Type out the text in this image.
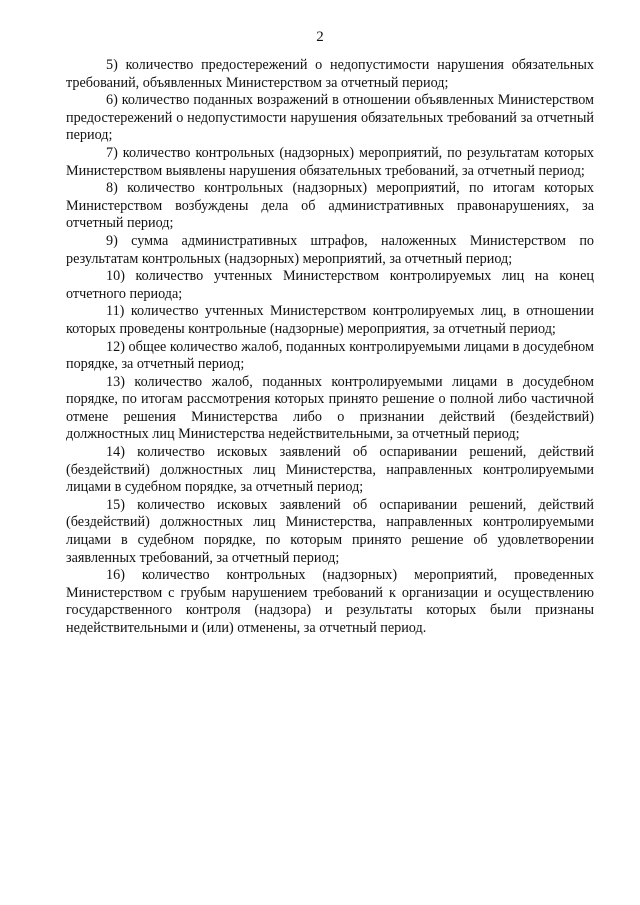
2

5) количество предостережений о недопустимости нарушения обязательных требований, объявленных Министерством за отчетный период;

6) количество поданных возражений в отношении объявленных Министерством предостережений о недопустимости нарушения обязательных требований за отчетный период;

7) количество контрольных (надзорных) мероприятий, по результатам которых Министерством выявлены нарушения обязательных требований, за отчетный период;

8) количество контрольных (надзорных) мероприятий, по итогам которых Министерством возбуждены дела об административных правонарушениях, за отчетный период;

9) сумма административных штрафов, наложенных Министерством по результатам контрольных (надзорных) мероприятий, за отчетный период;

10) количество учтенных Министерством контролируемых лиц на конец отчетного периода;

11) количество учтенных Министерством контролируемых лиц, в отношении которых проведены контрольные (надзорные) мероприятия, за отчетный период;

12) общее количество жалоб, поданных контролируемыми лицами в досудебном порядке, за отчетный период;

13) количество жалоб, поданных контролируемыми лицами в досудебном порядке, по итогам рассмотрения которых принято решение о полной либо частичной отмене решения Министерства либо о признании действий (бездействий) должностных лиц Министерства недействительными, за отчетный период;

14) количество исковых заявлений об оспаривании решений, действий (бездействий) должностных лиц Министерства, направленных контролируемыми лицами в судебном порядке, за отчетный период;

15) количество исковых заявлений об оспаривании решений, действий (бездействий) должностных лиц Министерства, направленных контролируемыми лицами в судебном порядке, по которым принято решение об удовлетворении заявленных требований, за отчетный период;

16) количество контрольных (надзорных) мероприятий, проведенных Министерством с грубым нарушением требований к организации и осуществлению государственного контроля (надзора) и результаты которых были признаны недействительными и (или) отменены, за отчетный период.
